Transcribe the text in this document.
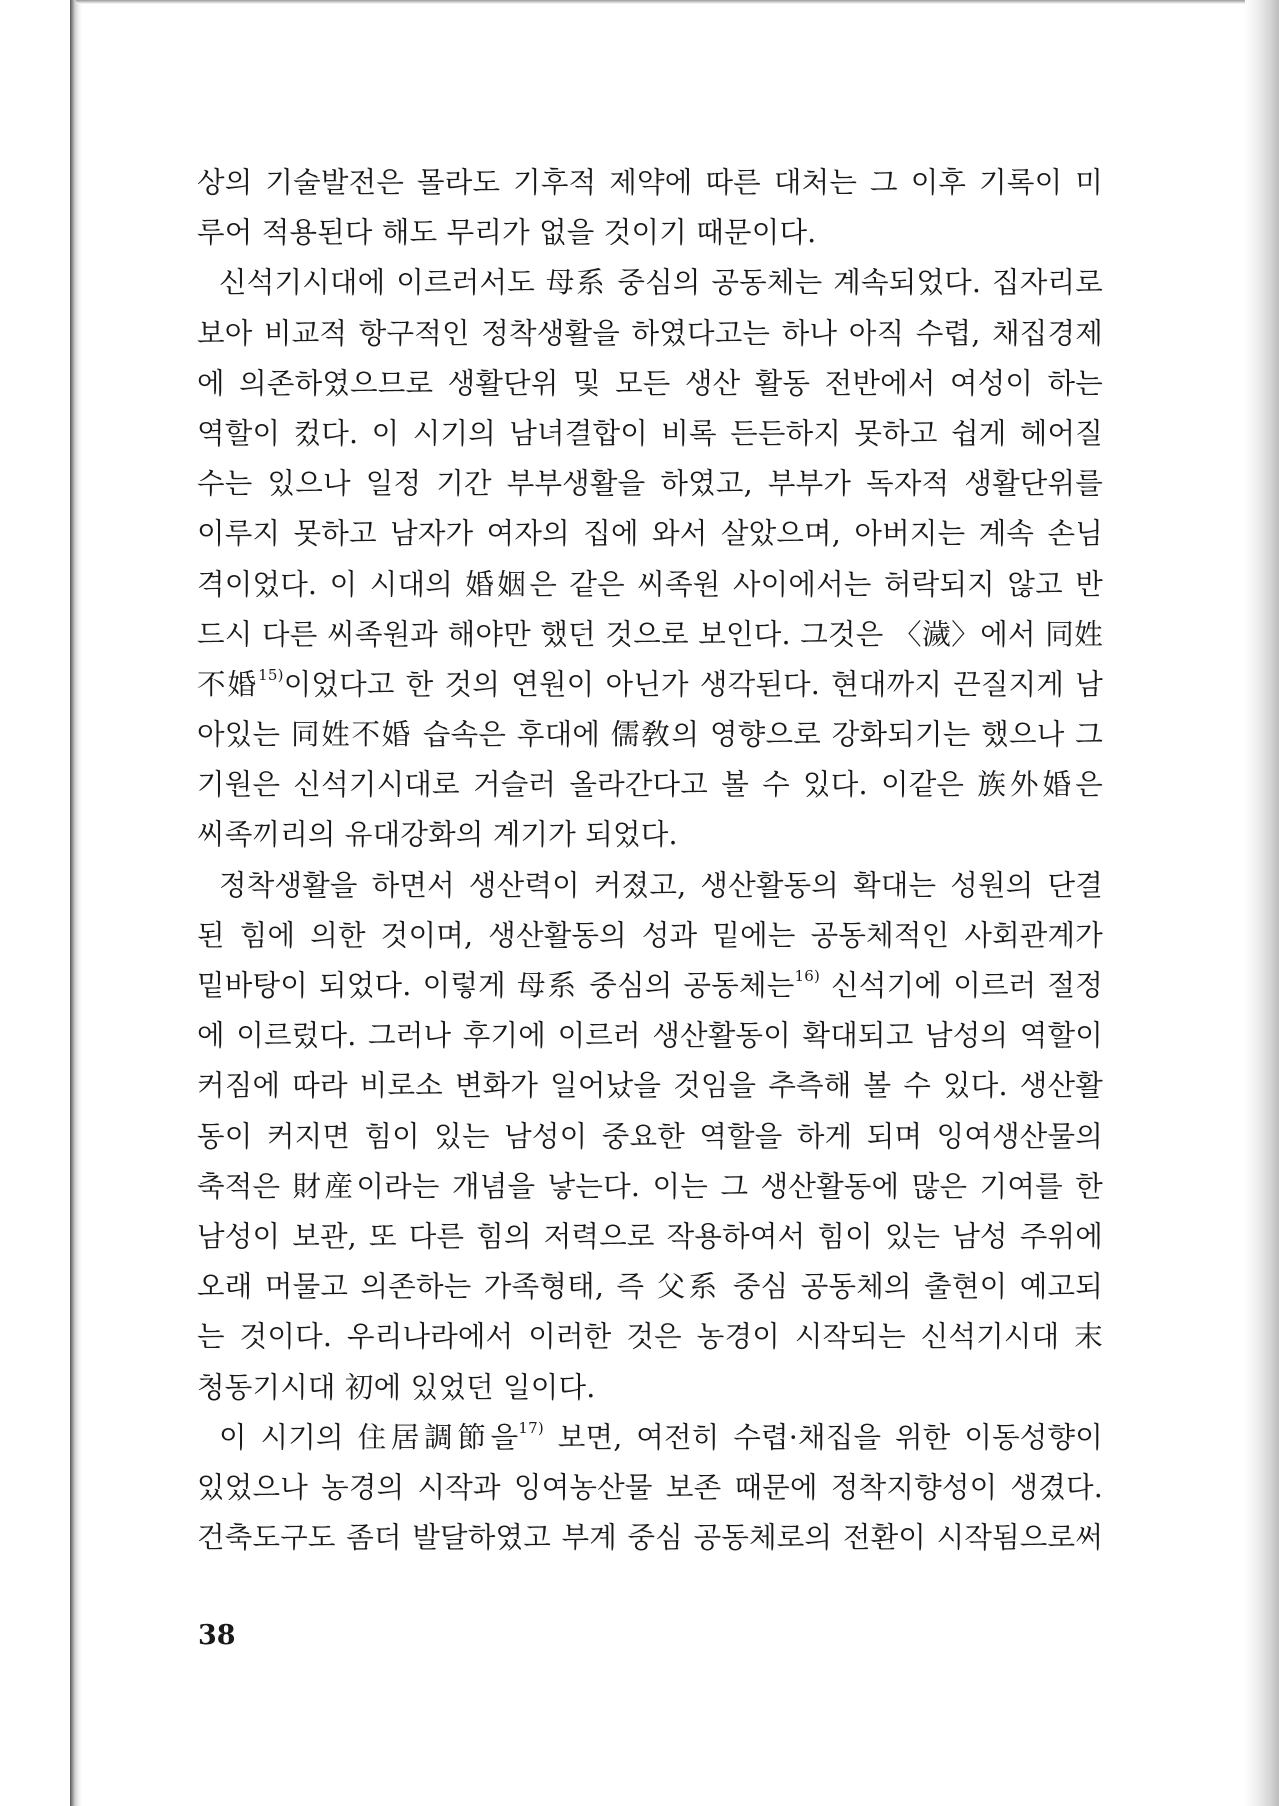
상의 기술발전은 몰라도 기후적 제약에 따른 대처는 그 이후 기록이 미
루어 적용된다 해도 무리가 없을 것이기 때문이다.
신석기시대에 이르러서도 母系 중심의 공동체는 계속되었다. 집자리로
보아 비교적 항구적인 정착생활을 하였다고는 하나 아직 수렵, 채집경제
에 의존하였으므로 생활단위 및 모든 생산 활동 전반에서 여성이 하는
역할이 컸다. 이 시기의 남녀결합이 비록 든든하지 못하고 쉽게 헤어질
수는 있으나 일정 기간 부부생활을 하였고, 부부가 독자적 생활단위를
이루지 못하고 남자가 여자의 집에 와서 살았으며, 아버지는 계속 손님
격이었다. 이 시대의 婚姻은 같은 씨족원 사이에서는 허락되지 않고 반
드시 다른 씨족원과 해야만 했던 것으로 보인다. 그것은 〈濊〉에서 同姓
不婚$^{15)}$이었다고 한 것의 연원이 아닌가 생각된다. 현대까지 끈질지게 남
아있는 同姓不婚 습속은 후대에 儒敎의 영향으로 강화되기는 했으나 그
기원은 신석기시대로 거슬러 올라간다고 볼 수 있다. 이같은 族外婚은
씨족끼리의 유대강화의 계기가 되었다.
정착생활을 하면서 생산력이 커졌고, 생산활동의 확대는 성원의 단결
된 힘에 의한 것이며, 생산활동의 성과 밑에는 공동체적인 사회관계가
밑바탕이 되었다. 이렇게 母系 중심의 공동체는$^{16)}$ 신석기에 이르러 절정
에 이르렀다. 그러나 후기에 이르러 생산활동이 확대되고 남성의 역할이
커짐에 따라 비로소 변화가 일어났을 것임을 추측해 볼 수 있다. 생산활
동이 커지면 힘이 있는 남성이 중요한 역할을 하게 되며 잉여생산물의
축적은 財産이라는 개념을 낳는다. 이는 그 생산활동에 많은 기여를 한
남성이 보관, 또 다른 힘의 저력으로 작용하여서 힘이 있는 남성 주위에
오래 머물고 의존하는 가족형태, 즉 父系 중심 공동체의 출현이 예고되
는 것이다. 우리나라에서 이러한 것은 농경이 시작되는 신석기시대 末
청동기시대 初에 있었던 일이다.
이 시기의 住居調節을$^{17)}$ 보면, 여전히 수렵·채집을 위한 이동성향이
있었으나 농경의 시작과 잉여농산물 보존 때문에 정착지향성이 생겼다.
건축도구도 좀더 발달하였고 부계 중심 공동체로의 전환이 시작됨으로써
38
